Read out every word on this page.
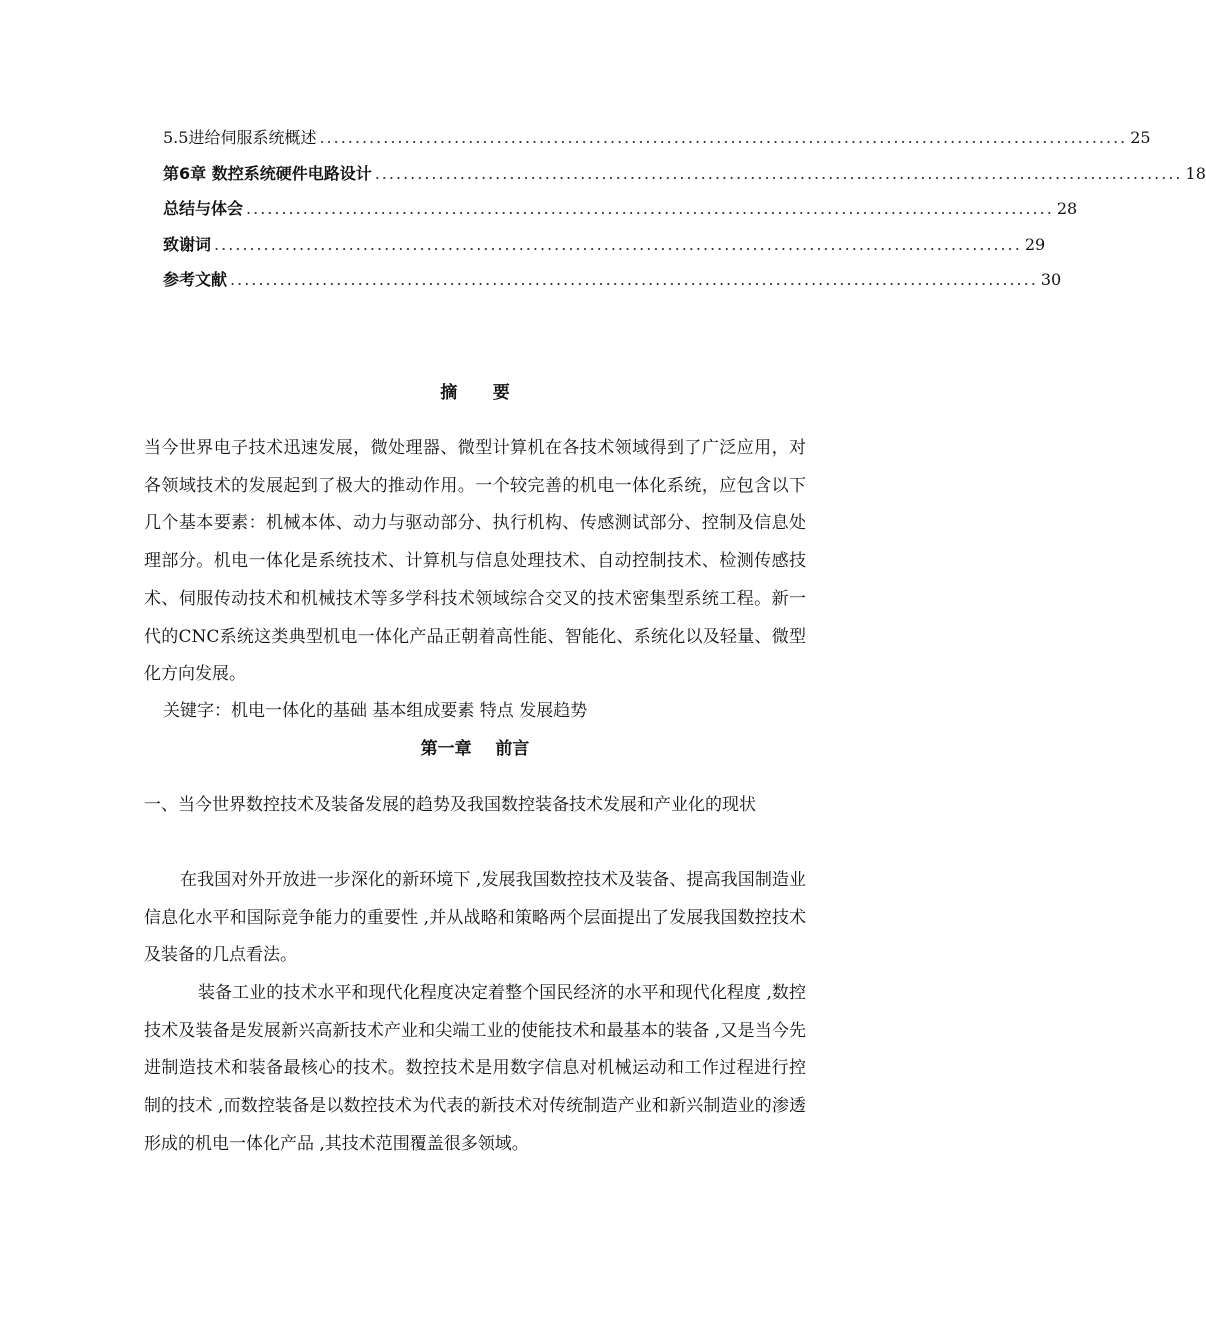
5.5进给伺服系统概述 .................................................................................................................. 25
第6章 数控系统硬件电路设计 .................................................................................................................. 18
总结与体会 .................................................................................................................. 28
致谢词 .................................................................................................................. 29
参考文献 .................................................................................................................. 30
摘      要

当今世界电子技术迅速发展，微处理器、微型计算机在各技术领域得到了广泛应用，对各领域技术的发展起到了极大的推动作用。一个较完善的机电一体化系统，应包含以下几个基本要素：机械本体、动力与驱动部分、执行机构、传感测试部分、控制及信息处理部分。机电一体化是系统技术、计算机与信息处理技术、自动控制技术、检测传感技术、伺服传动技术和机械技术等多学科技术领域综合交叉的技术密集型系统工程。新一代的CNC系统这类典型机电一体化产品正朝着高性能、智能化、系统化以及轻量、微型化方向发展。

关键字：机电一体化的基础 基本组成要素 特点 发展趋势
第一章    前言

一、当今世界数控技术及装备发展的趋势及我国数控装备技术发展和产业化的现状

在我国对外开放进一步深化的新环境下 ,发展我国数控技术及装备、提高我国制造业信息化水平和国际竞争能力的重要性 ,并从战略和策略两个层面提出了发展我国数控技术及装备的几点看法。

装备工业的技术水平和现代化程度决定着整个国民经济的水平和现代化程度 ,数控技术及装备是发展新兴高新技术产业和尖端工业的使能技术和最基本的装备 ,又是当今先进制造技术和装备最核心的技术。数控技术是用数字信息对机械运动和工作过程进行控制的技术 ,而数控装备是以数控技术为代表的新技术对传统制造产业和新兴制造业的渗透形成的机电一体化产品 ,其技术范围覆盖很多领域。
